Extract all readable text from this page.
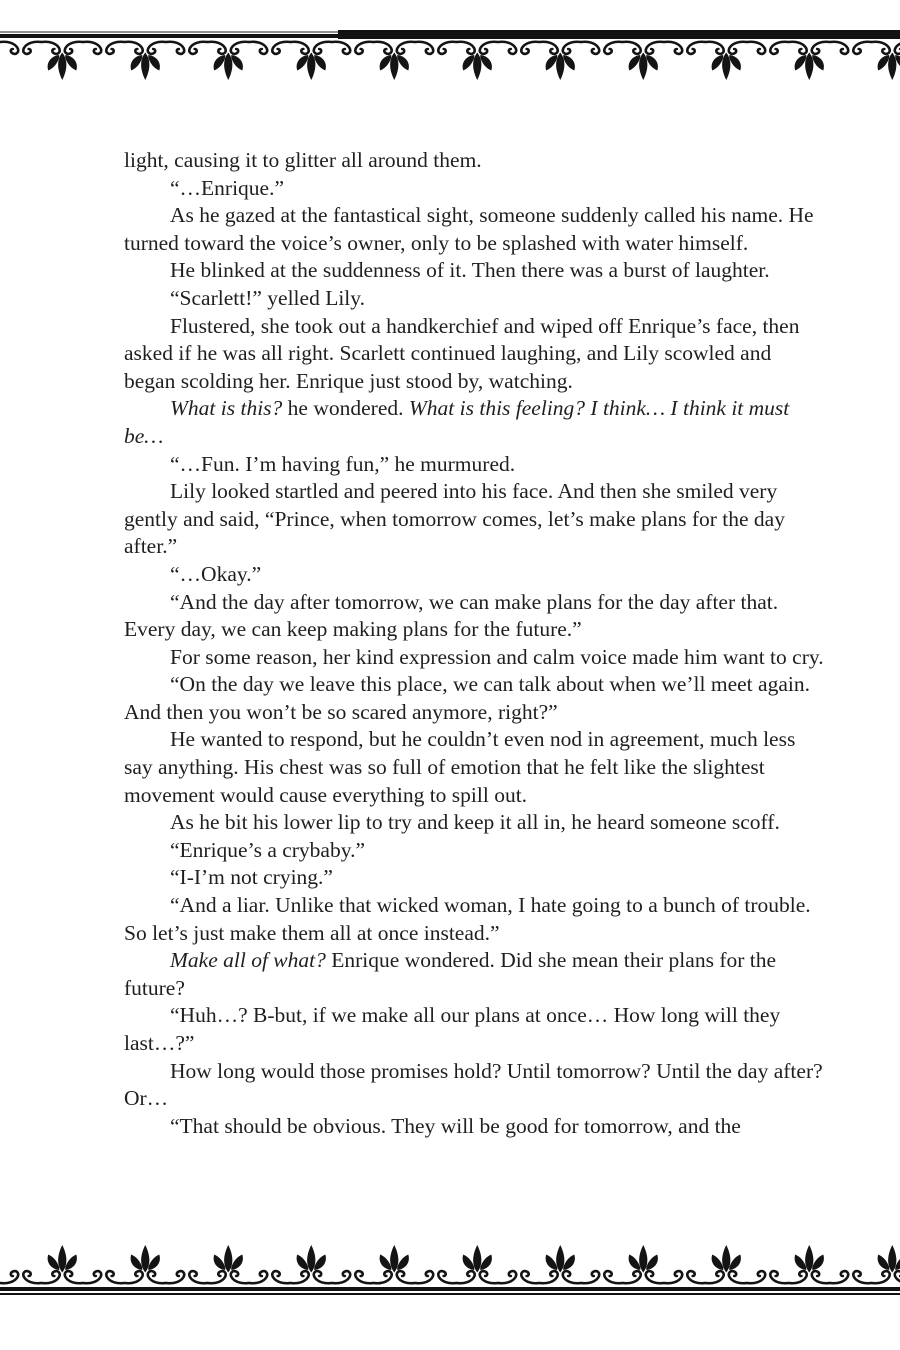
light, causing it to glitter all around them.

“…Enrique.”

As he gazed at the fantastical sight, someone suddenly called his name. He turned toward the voice’s owner, only to be splashed with water himself.

He blinked at the suddenness of it. Then there was a burst of laughter.

“Scarlett!” yelled Lily.

Flustered, she took out a handkerchief and wiped off Enrique’s face, then asked if he was all right. Scarlett continued laughing, and Lily scowled and began scolding her. Enrique just stood by, watching.

What is this? he wondered. What is this feeling? I think… I think it must be…

“…Fun. I’m having fun,” he murmured.

Lily looked startled and peered into his face. And then she smiled very gently and said, “Prince, when tomorrow comes, let’s make plans for the day after.”

“…Okay.”

“And the day after tomorrow, we can make plans for the day after that. Every day, we can keep making plans for the future.”

For some reason, her kind expression and calm voice made him want to cry.

“On the day we leave this place, we can talk about when we’ll meet again. And then you won’t be so scared anymore, right?”

He wanted to respond, but he couldn’t even nod in agreement, much less say anything. His chest was so full of emotion that he felt like the slightest movement would cause everything to spill out.

As he bit his lower lip to try and keep it all in, he heard someone scoff.

“Enrique’s a crybaby.”

“I-I’m not crying.”

“And a liar. Unlike that wicked woman, I hate going to a bunch of trouble. So let’s just make them all at once instead.”

Make all of what? Enrique wondered. Did she mean their plans for the future?

“Huh…? B-but, if we make all our plans at once… How long will they last…?”

How long would those promises hold? Until tomorrow? Until the day after? Or…

“That should be obvious. They will be good for tomorrow, and the
